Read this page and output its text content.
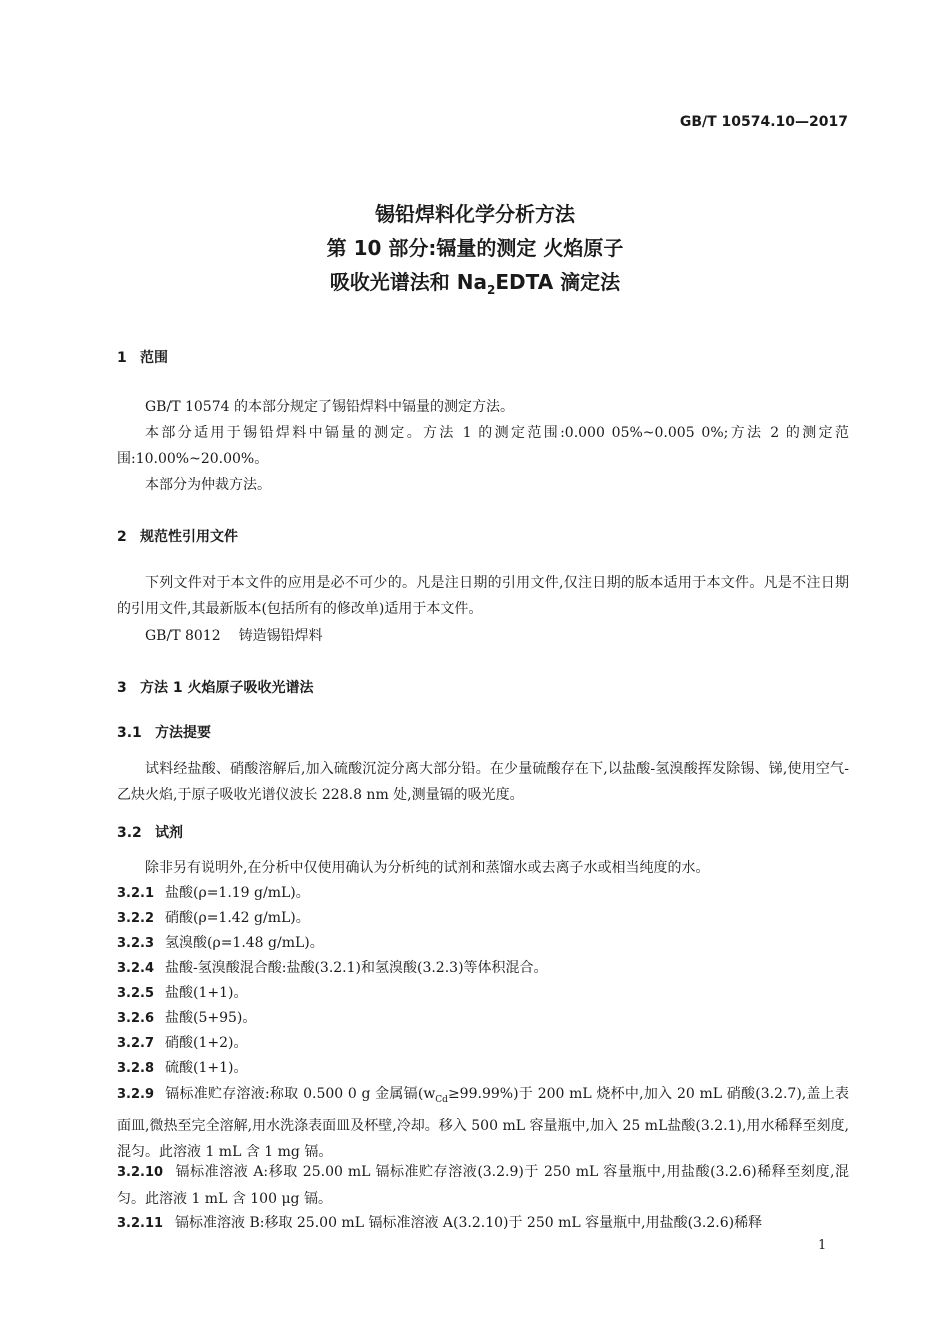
GB/T 10574.10—2017
锡铅焊料化学分析方法
第 10 部分:镉量的测定 火焰原子
吸收光谱法和 $Na_2EDTA$ 滴定法
1 范围
GB/T 10574 的本部分规定了锡铅焊料中镉量的测定方法。
本部分适用于锡铅焊料中镉量的测定。方法 1 的测定范围:0.000 05%~0.005 0%;方法 2 的测定范围:10.00%~20.00%。
本部分为仲裁方法。
2 规范性引用文件
下列文件对于本文件的应用是必不可少的。凡是注日期的引用文件,仅注日期的版本适用于本文件。凡是不注日期的引用文件,其最新版本(包括所有的修改单)适用于本文件。
GB/T 8012 铸造锡铅焊料
3 方法 1 火焰原子吸收光谱法
3.1 方法提要
试料经盐酸、硝酸溶解后,加入硫酸沉淀分离大部分铅。在少量硫酸存在下,以盐酸-氢溴酸挥发除锡、锑,使用空气-乙炔火焰,于原子吸收光谱仪波长 228.8 nm 处,测量镉的吸光度。
3.2 试剂
除非另有说明外,在分析中仅使用确认为分析纯的试剂和蒸馏水或去离子水或相当纯度的水。
3.2.1 盐酸(ρ=1.19 g/mL)。
3.2.2 硝酸(ρ=1.42 g/mL)。
3.2.3 氢溴酸(ρ=1.48 g/mL)。
3.2.4 盐酸-氢溴酸混合酸:盐酸(3.2.1)和氢溴酸(3.2.3)等体积混合。
3.2.5 盐酸(1+1)。
3.2.6 盐酸(5+95)。
3.2.7 硝酸(1+2)。
3.2.8 硫酸(1+1)。
3.2.9 镉标准贮存溶液:称取 0.500 0 g 金属镉$(w_{Cd}\ge 99.99\%)$于 200 mL 烧杯中,加入 20 mL 硝酸(3.2.7),盖上表面皿,微热至完全溶解,用水洗涤表面皿及杯壁,冷却。移入 500 mL 容量瓶中,加入 25 mL盐酸(3.2.1),用水稀释至刻度,混匀。此溶液 1 mL 含 1 mg 镉。
3.2.10 镉标准溶液 A:移取 25.00 mL 镉标准贮存溶液(3.2.9)于 250 mL 容量瓶中,用盐酸(3.2.6)稀释至刻度,混匀。此溶液 1 mL 含 100 μg 镉。
3.2.11 镉标准溶液 B:移取 25.00 mL 镉标准溶液 A(3.2.10)于 250 mL 容量瓶中,用盐酸(3.2.6)稀释
1
